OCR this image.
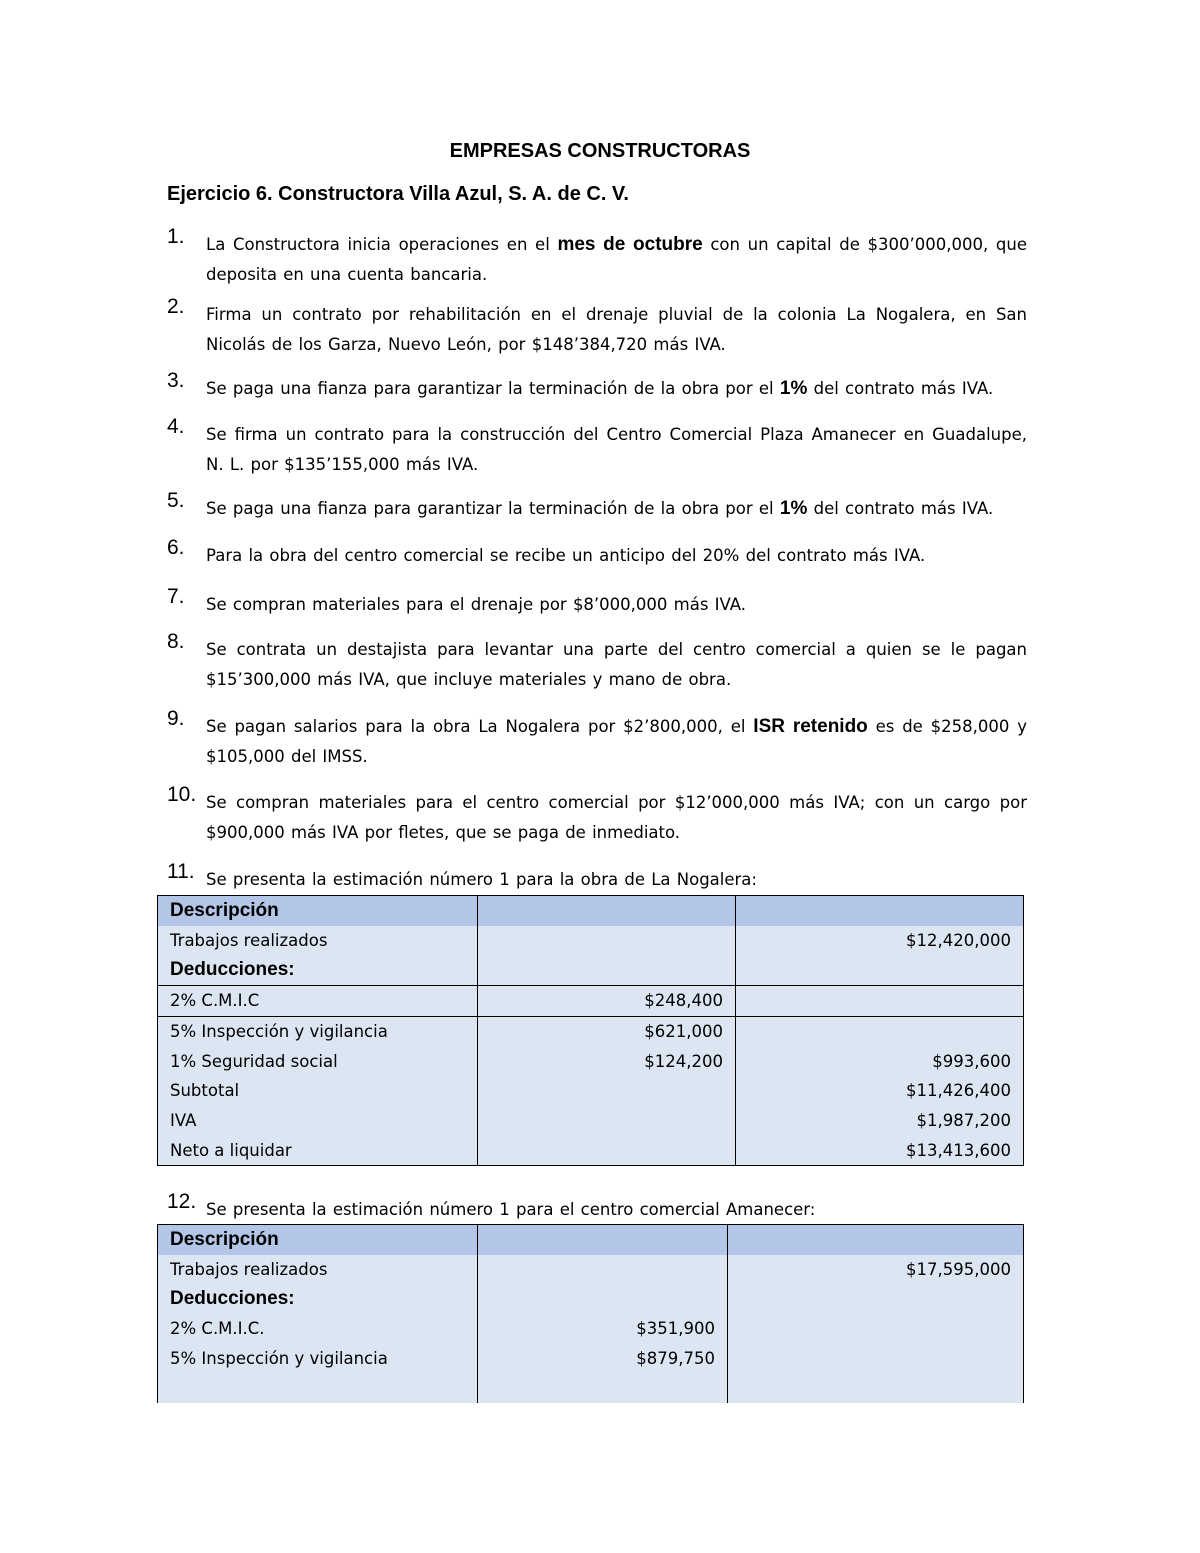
EMPRESAS CONSTRUCTORAS
Ejercicio 6. Constructora Villa Azul, S. A. de C. V.
1. La Constructora inicia operaciones en el mes de octubre con un capital de $300’000,000, que deposita en una cuenta bancaria.
2. Firma un contrato por rehabilitación en el drenaje pluvial de la colonia La Nogalera, en San Nicolás de los Garza, Nuevo León, por $148’384,720 más IVA.
3. Se paga una fianza para garantizar la terminación de la obra por el 1% del contrato más IVA.
4. Se firma un contrato para la construcción del Centro Comercial Plaza Amanecer en Guadalupe, N. L. por $135’155,000 más IVA.
5. Se paga una fianza para garantizar la terminación de la obra por el 1% del contrato más IVA.
6. Para la obra del centro comercial se recibe un anticipo del 20% del contrato más IVA.
7. Se compran materiales para el drenaje por $8’000,000 más IVA.
8. Se contrata un destajista para levantar una parte del centro comercial a quien se le pagan $15’300,000 más IVA, que incluye materiales y mano de obra.
9. Se pagan salarios para la obra La Nogalera por $2’800,000, el ISR retenido es de $258,000 y $105,000 del IMSS.
10. Se compran materiales para el centro comercial por $12’000,000 más IVA; con un cargo por $900,000 más IVA por fletes, que se paga de inmediato.
11. Se presenta la estimación número 1 para la obra de La Nogalera:
Descripción		
Trabajos realizados		$12,420,000
Deducciones:		
2% C.M.I.C	$248,400	
5% Inspección y vigilancia	$621,000	
1% Seguridad social	$124,200	$993,600
Subtotal		$11,426,400
IVA		$1,987,200
Neto a liquidar		$13,413,600
12. Se presenta la estimación número 1 para el centro comercial Amanecer:
Descripción		
Trabajos realizados		$17,595,000
Deducciones:		
2% C.M.I.C.	$351,900	
5% Inspección y vigilancia	$879,750	
